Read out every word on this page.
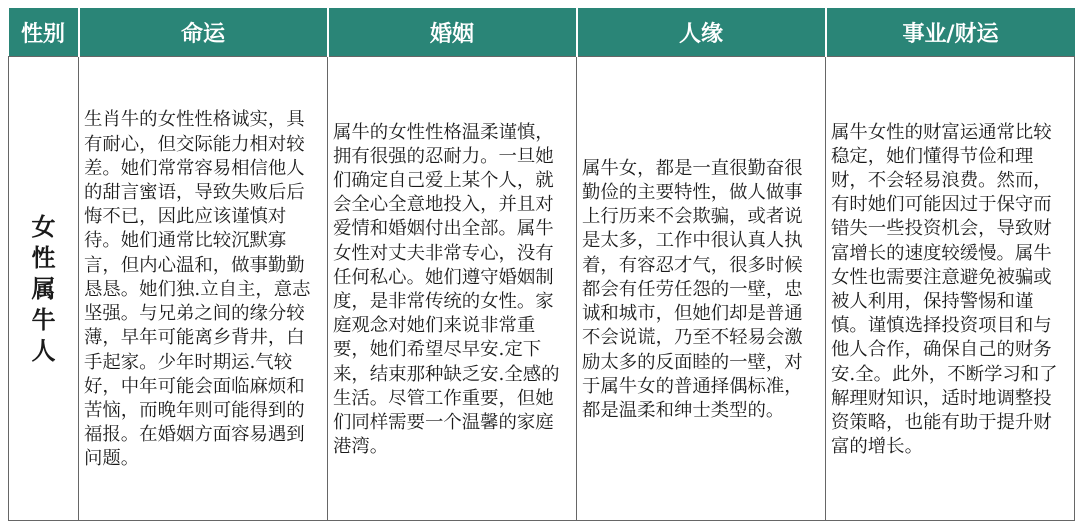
性别	命运	婚姻	人缘	事业/财运
女性属牛人	生肖牛的女性性格诚实，具有耐心，但交际能力相对较差。她们常常容易相信他人的甜言蜜语，导致失败后后悔不已，因此应该谨慎对待。她们通常比较沉默寡言，但内心温和，做事勤勤恳恳。她们独.立自主，意志坚强。与兄弟之间的缘分较薄，早年可能离乡背井，白手起家。少年时期运.气较好，中年可能会面临麻烦和苦恼，而晚年则可能得到的福报。在婚姻方面容易遇到问题。	属牛的女性性格温柔谨慎，拥有很强的忍耐力。一旦她们确定自己爱上某个人，就会全心全意地投入，并且对爱情和婚姻付出全部。属牛女性对丈夫非常专心，没有任何私心。她们遵守婚姻制度，是非常传统的女性。家庭观念对她们来说非常重要，她们希望尽早安.定下来，结束那种缺乏安.全感的生活。尽管工作重要，但她们同样需要一个温馨的家庭港湾。	属牛女，都是一直很勤奋很勤俭的主要特性，做人做事上行历来不会欺骗，或者说是太多，工作中很认真人执着，有容忍才气，很多时候都会有任劳任怨的一壁，忠诚和城市，但她们却是普通不会说谎，乃至不轻易会激励太多的反面睦的一壁，对于属牛女的普通择偶标准，都是温柔和绅士类型的。	属牛女性的财富运通常比较稳定，她们懂得节俭和理财，不会轻易浪费。然而，有时她们可能因过于保守而错失一些投资机会，导致财富增长的速度较缓慢。属牛女性也需要注意避免被骗或被人利用，保持警惕和谨慎。谨慎选择投资项目和与他人合作，确保自己的财务安.全。此外，不断学习和了解理财知识，适时地调整投资策略，也能有助于提升财富的增长。
